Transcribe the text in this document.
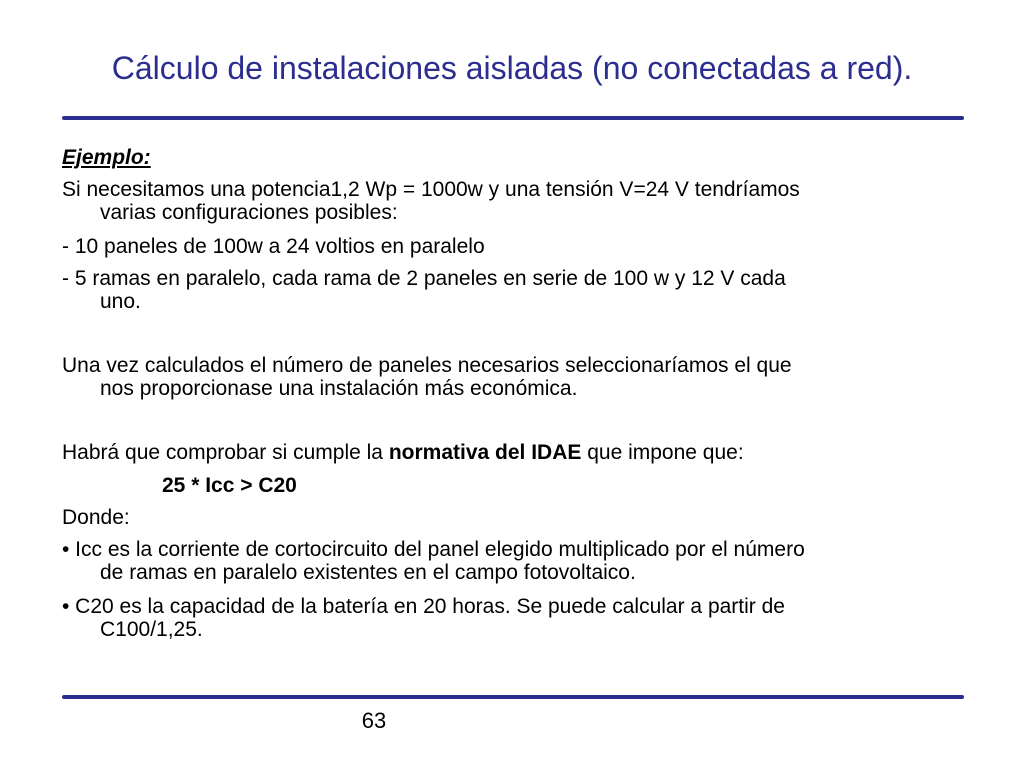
Cálculo de instalaciones aisladas (no conectadas a red).
Ejemplo:
Si necesitamos una potencia1,2 Wp = 1000w y una tensión V=24 V tendríamos
varias configuraciones posibles:
- 10 paneles de 100w a 24 voltios en paralelo
- 5 ramas en paralelo, cada rama de 2 paneles en serie de 100 w y 12 V cada
uno.
Una vez calculados el número de paneles necesarios seleccionaríamos el que
nos proporcionase una instalación más económica.
Habrá que comprobar si cumple la normativa del IDAE que impone que:
25 * Icc > C20
Donde:
• Icc es la corriente de cortocircuito del panel elegido multiplicado por el número
de ramas en paralelo existentes en el campo fotovoltaico.
• C20 es la capacidad de la batería en 20 horas. Se puede calcular a partir de
C100/1,25.
63
